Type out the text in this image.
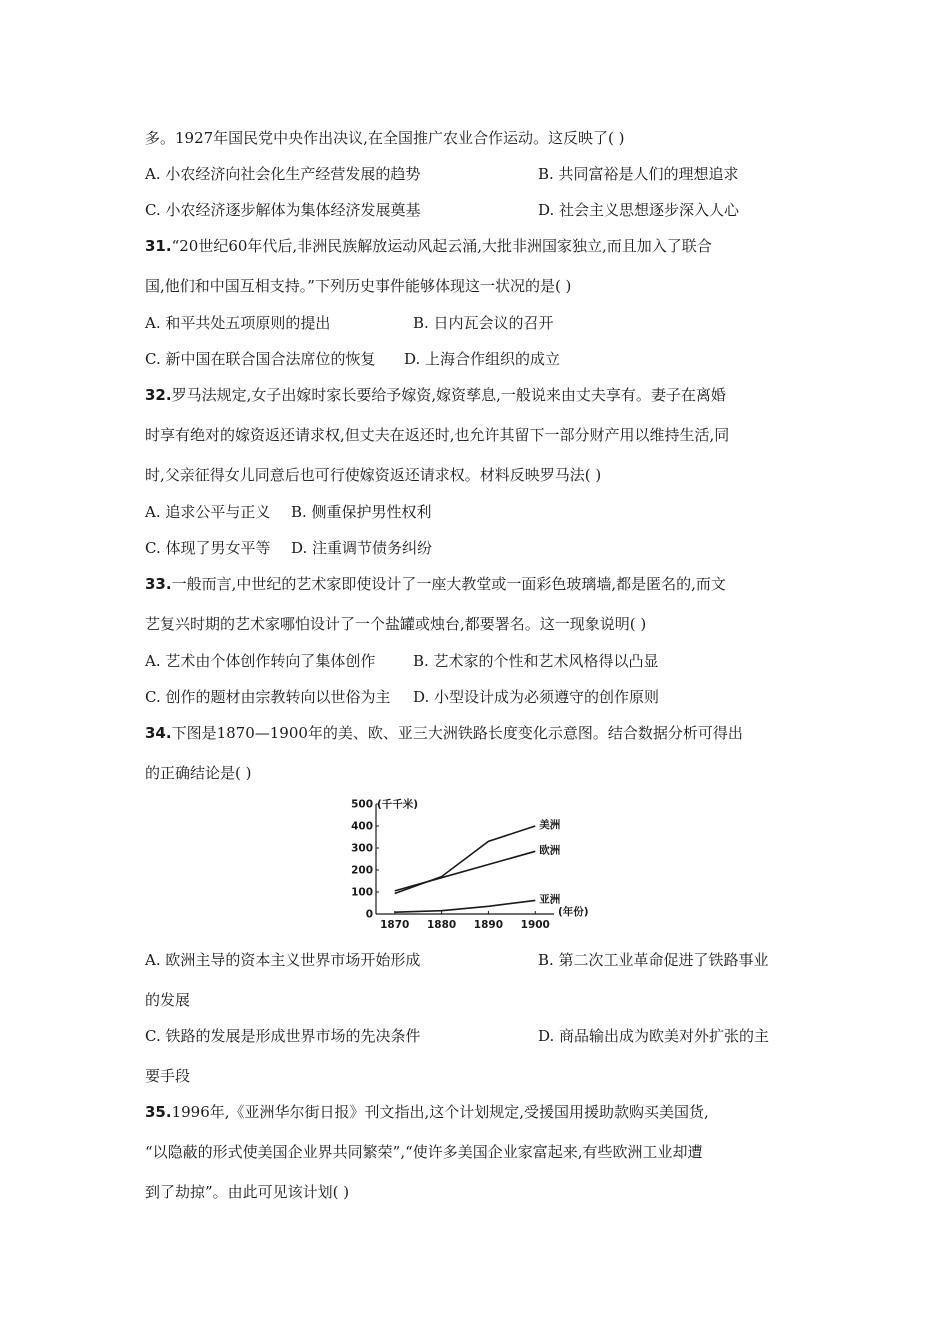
多。1927年国民党中央作出决议,在全国推广农业合作运动。这反映了( )
A. 小农经济向社会化生产经营发展的趋势	B. 共同富裕是人们的理想追求
C. 小农经济逐步解体为集体经济发展奠基	D. 社会主义思想逐步深入人心
31.“20世纪60年代后,非洲民族解放运动风起云涌,大批非洲国家独立,而且加入了联合
国,他们和中国互相支持。”下列历史事件能够体现这一状况的是( )
A. 和平共处五项原则的提出	B. 日内瓦会议的召开
C. 新中国在联合国合法席位的恢复 D. 上海合作组织的成立
32.罗马法规定,女子出嫁时家长要给予嫁资,嫁资孳息,一般说来由丈夫享有。妻子在离婚
时享有绝对的嫁资返还请求权,但丈夫在返还时,也允许其留下一部分财产用以维持生活,同
时,父亲征得女儿同意后也可行使嫁资返还请求权。材料反映罗马法( )
A. 追求公平与正义 B. 侧重保护男性权利
C. 体现了男女平等 D. 注重调节债务纠纷
33.一般而言,中世纪的艺术家即使设计了一座大教堂或一面彩色玻璃墙,都是匿名的,而文
艺复兴时期的艺术家哪怕设计了一个盐罐或烛台,都要署名。这一现象说明( )
A. 艺术由个体创作转向了集体创作	B. 艺术家的个性和艺术风格得以凸显
C. 创作的题材由宗教转向以世俗为主 D. 小型设计成为必须遵守的创作原则
34.下图是1870—1900年的美、欧、亚三大洲铁路长度变化示意图。结合数据分析可得出
的正确结论是( )
0
100
200
300
400
500
1870 1880 1890 1900
(千千米)
(年份)
美洲
欧洲
亚洲
A. 欧洲主导的资本主义世界市场开始形成	B. 第二次工业革命促进了铁路事业
的发展
C. 铁路的发展是形成世界市场的先决条件	D. 商品输出成为欧美对外扩张的主
要手段
35.1996年,《亚洲华尔街日报》刊文指出,这个计划规定,受援国用援助款购买美国货,
“以隐蔽的形式使美国企业界共同繁荣”,“使许多美国企业家富起来,有些欧洲工业却遭
到了劫掠”。由此可见该计划( )
